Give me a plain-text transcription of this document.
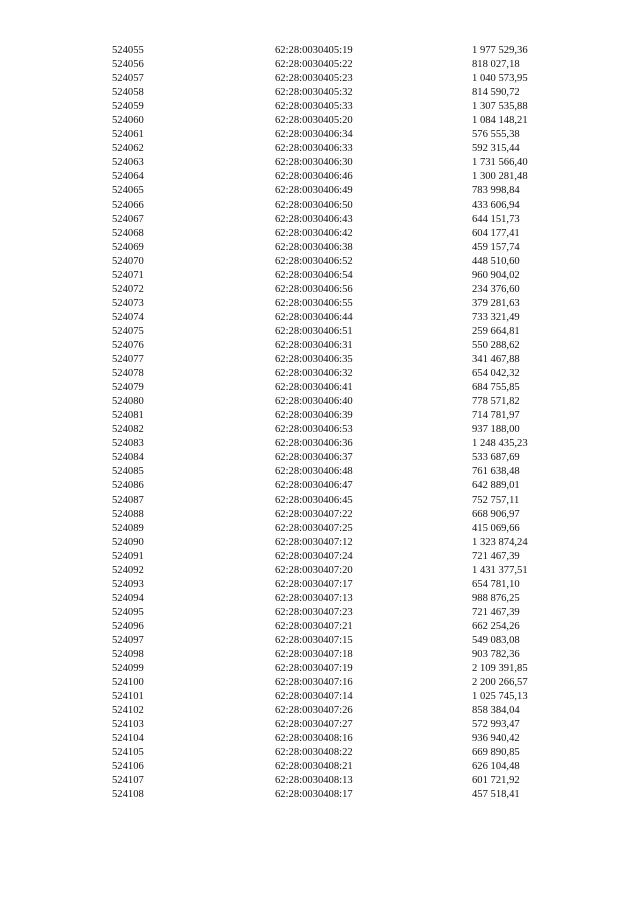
524055	62:28:0030405:19	1 977 529,36
524056	62:28:0030405:22	818 027,18
524057	62:28:0030405:23	1 040 573,95
524058	62:28:0030405:32	814 590,72
524059	62:28:0030405:33	1 307 535,88
524060	62:28:0030405:20	1 084 148,21
524061	62:28:0030406:34	576 555,38
524062	62:28:0030406:33	592 315,44
524063	62:28:0030406:30	1 731 566,40
524064	62:28:0030406:46	1 300 281,48
524065	62:28:0030406:49	783 998,84
524066	62:28:0030406:50	433 606,94
524067	62:28:0030406:43	644 151,73
524068	62:28:0030406:42	604 177,41
524069	62:28:0030406:38	459 157,74
524070	62:28:0030406:52	448 510,60
524071	62:28:0030406:54	960 904,02
524072	62:28:0030406:56	234 376,60
524073	62:28:0030406:55	379 281,63
524074	62:28:0030406:44	733 321,49
524075	62:28:0030406:51	259 664,81
524076	62:28:0030406:31	550 288,62
524077	62:28:0030406:35	341 467,88
524078	62:28:0030406:32	654 042,32
524079	62:28:0030406:41	684 755,85
524080	62:28:0030406:40	778 571,82
524081	62:28:0030406:39	714 781,97
524082	62:28:0030406:53	937 188,00
524083	62:28:0030406:36	1 248 435,23
524084	62:28:0030406:37	533 687,69
524085	62:28:0030406:48	761 638,48
524086	62:28:0030406:47	642 889,01
524087	62:28:0030406:45	752 757,11
524088	62:28:0030407:22	668 906,97
524089	62:28:0030407:25	415 069,66
524090	62:28:0030407:12	1 323 874,24
524091	62:28:0030407:24	721 467,39
524092	62:28:0030407:20	1 431 377,51
524093	62:28:0030407:17	654 781,10
524094	62:28:0030407:13	988 876,25
524095	62:28:0030407:23	721 467,39
524096	62:28:0030407:21	662 254,26
524097	62:28:0030407:15	549 083,08
524098	62:28:0030407:18	903 782,36
524099	62:28:0030407:19	2 109 391,85
524100	62:28:0030407:16	2 200 266,57
524101	62:28:0030407:14	1 025 745,13
524102	62:28:0030407:26	858 384,04
524103	62:28:0030407:27	572 993,47
524104	62:28:0030408:16	936 940,42
524105	62:28:0030408:22	669 890,85
524106	62:28:0030408:21	626 104,48
524107	62:28:0030408:13	601 721,92
524108	62:28:0030408:17	457 518,41
